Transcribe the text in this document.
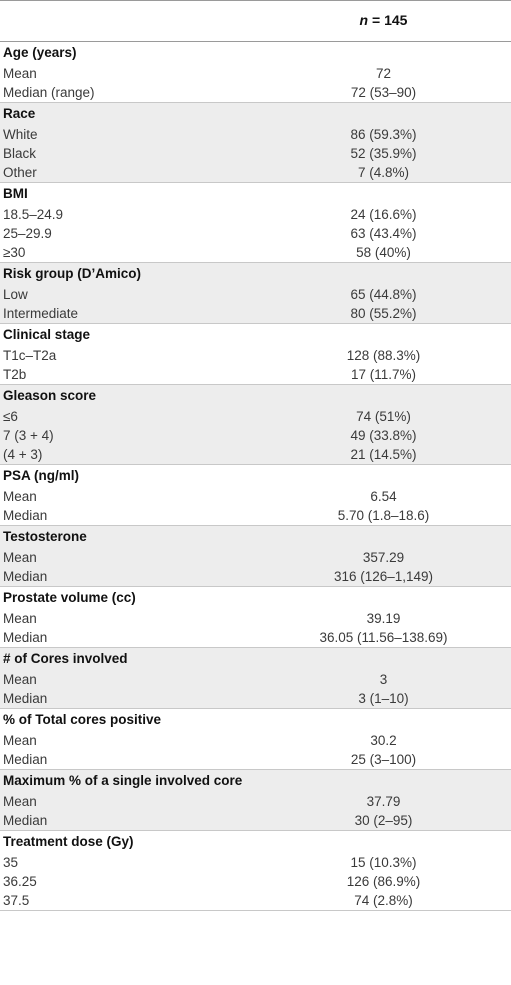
n = 145
Age (years)
Mean	72
Median (range)	72 (53–90)
Race
White	86 (59.3%)
Black	52 (35.9%)
Other	7 (4.8%)
BMI
18.5–24.9	24 (16.6%)
25–29.9	63 (43.4%)
≥30	58 (40%)
Risk group (D’Amico)
Low	65 (44.8%)
Intermediate	80 (55.2%)
Clinical stage
T1c–T2a	128 (88.3%)
T2b	17 (11.7%)
Gleason score
≤6	74 (51%)
7 (3 + 4)	49 (33.8%)
(4 + 3)	21 (14.5%)
PSA (ng/ml)
Mean	6.54
Median	5.70 (1.8–18.6)
Testosterone
Mean	357.29
Median	316 (126–1,149)
Prostate volume (cc)
Mean	39.19
Median	36.05 (11.56–138.69)
# of Cores involved
Mean	3
Median	3 (1–10)
% of Total cores positive
Mean	30.2
Median	25 (3–100)
Maximum % of a single involved core
Mean	37.79
Median	30 (2–95)
Treatment dose (Gy)
35	15 (10.3%)
36.25	126 (86.9%)
37.5	74 (2.8%)
